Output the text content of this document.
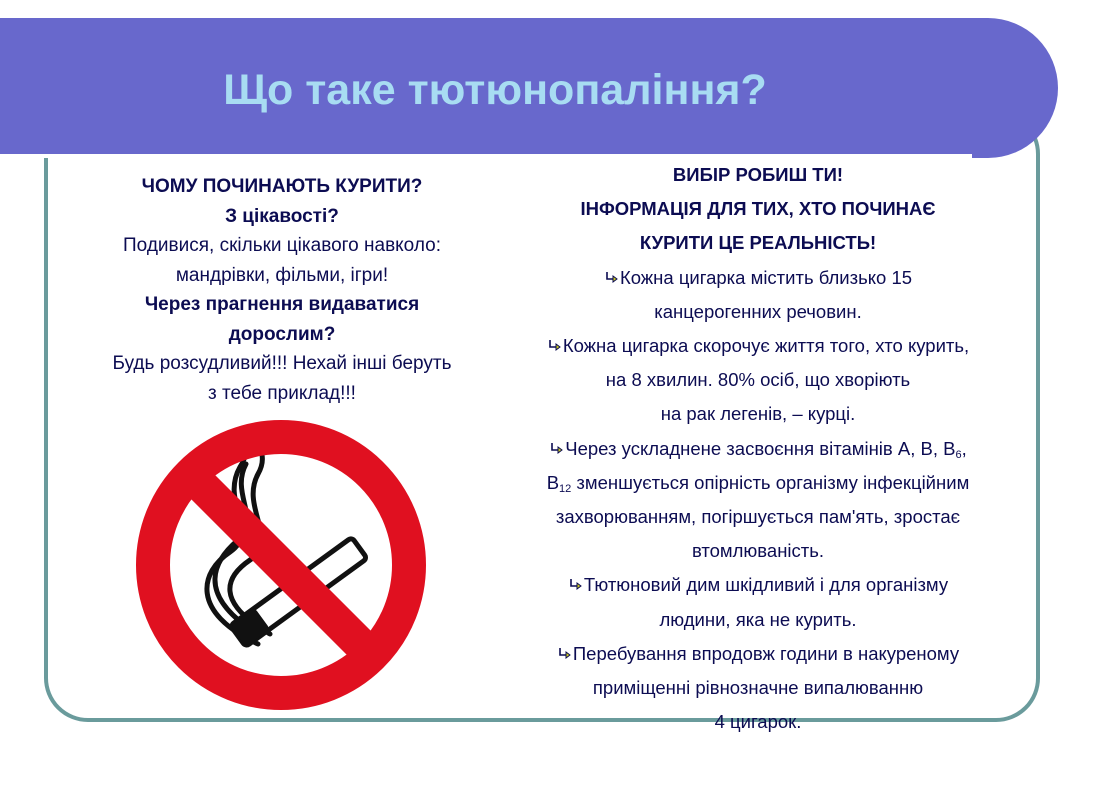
Що таке тютюнопаління?
ЧОМУ ПОЧИНАЮТЬ КУРИТИ?
З цікавості?
Подивися, скільки цікавого навколо:
мандрівки, фільми, ігри!
Через прагнення видаватися
дорослим?
Будь розсудливий!!! Нехай інші беруть
з тебе приклад!!!
ВИБІР РОБИШ ТИ!
ІНФОРМАЦІЯ ДЛЯ ТИХ, ХТО ПОЧИНАЄ
КУРИТИ ЦЕ РЕАЛЬНІСТЬ!
Кожна цигарка містить близько 15
канцерогенних речовин.
Кожна цигарка скорочує життя того, хто курить,
на 8 хвилин. 80% осіб, що хворіють
на рак легенів, – курці.
Через ускладнене засвоєння вітамінів А, В, $В_6$,
$В_{12}$ зменшується опірність організму інфекційним
захворюванням, погіршується пам'ять, зростає
втомлюваність.
Тютюновий дим шкідливий і для організму
людини, яка не курить.
Перебування впродовж години в накуреному
приміщенні рівнозначне випалюванню
4 цигарок.
